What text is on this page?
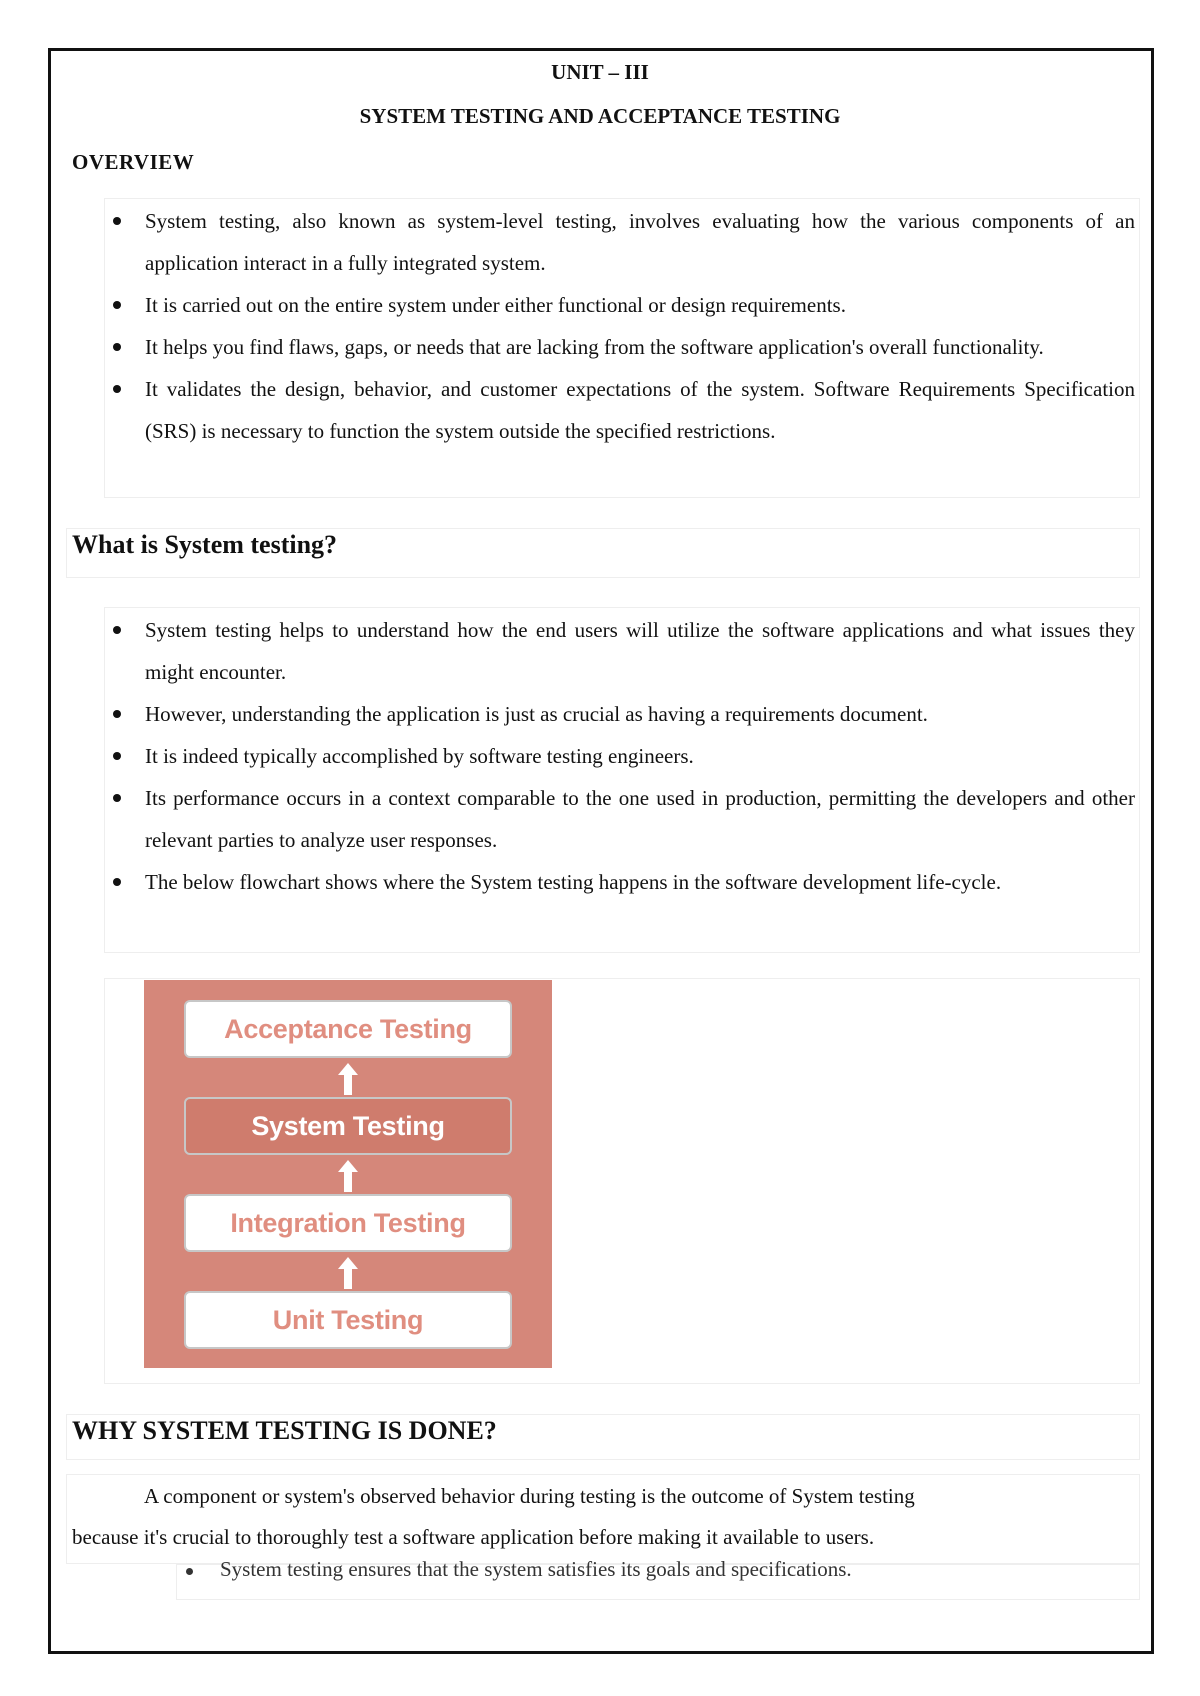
UNIT – III
SYSTEM TESTING AND ACCEPTANCE TESTING
OVERVIEW
System testing, also known as system-level testing, involves evaluating how the various components of an application interact in a fully integrated system.
It is carried out on the entire system under either functional or design requirements.
It helps you find flaws, gaps, or needs that are lacking from the software application's overall functionality.
It validates the design, behavior, and customer expectations of the system. Software Requirements Specification (SRS) is necessary to function the system outside the specified restrictions.
What is System testing?
System testing helps to understand how the end users will utilize the software applications and what issues they might encounter.
However, understanding the application is just as crucial as having a requirements document.
It is indeed typically accomplished by software testing engineers.
Its performance occurs in a context comparable to the one used in production, permitting the developers and other relevant parties to analyze user responses.
The below flowchart shows where the System testing happens in the software development life-cycle.
Acceptance Testing
System Testing
Integration Testing
Unit Testing
WHY SYSTEM TESTING IS DONE?
A component or system's observed behavior during testing is the outcome of System testing
because it's crucial to thoroughly test a software application before making it available to users.
System testing ensures that the system satisfies its goals and specifications.
